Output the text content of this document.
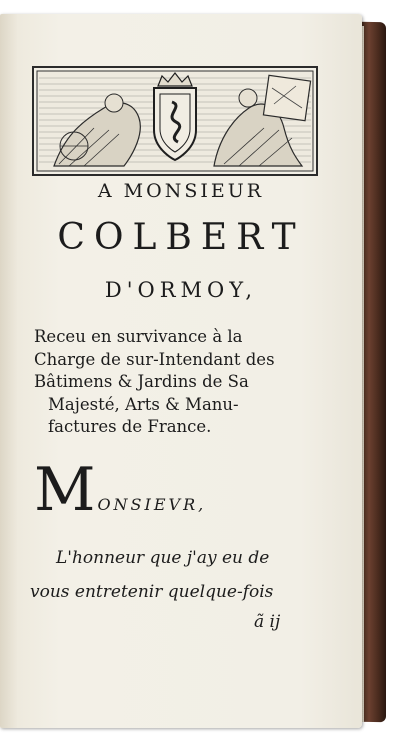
A MONSIEUR
COLBERT
D'ORMOY,
Receu en survivance à la
Charge de sur-Intendant des
Bâtimens & Jardins de Sa
Majesté, Arts & Manu-
factures de France.
MONSIEVR,
L'honneur que j'ay eu de
vous entretenir quelque-fois
ã ij
